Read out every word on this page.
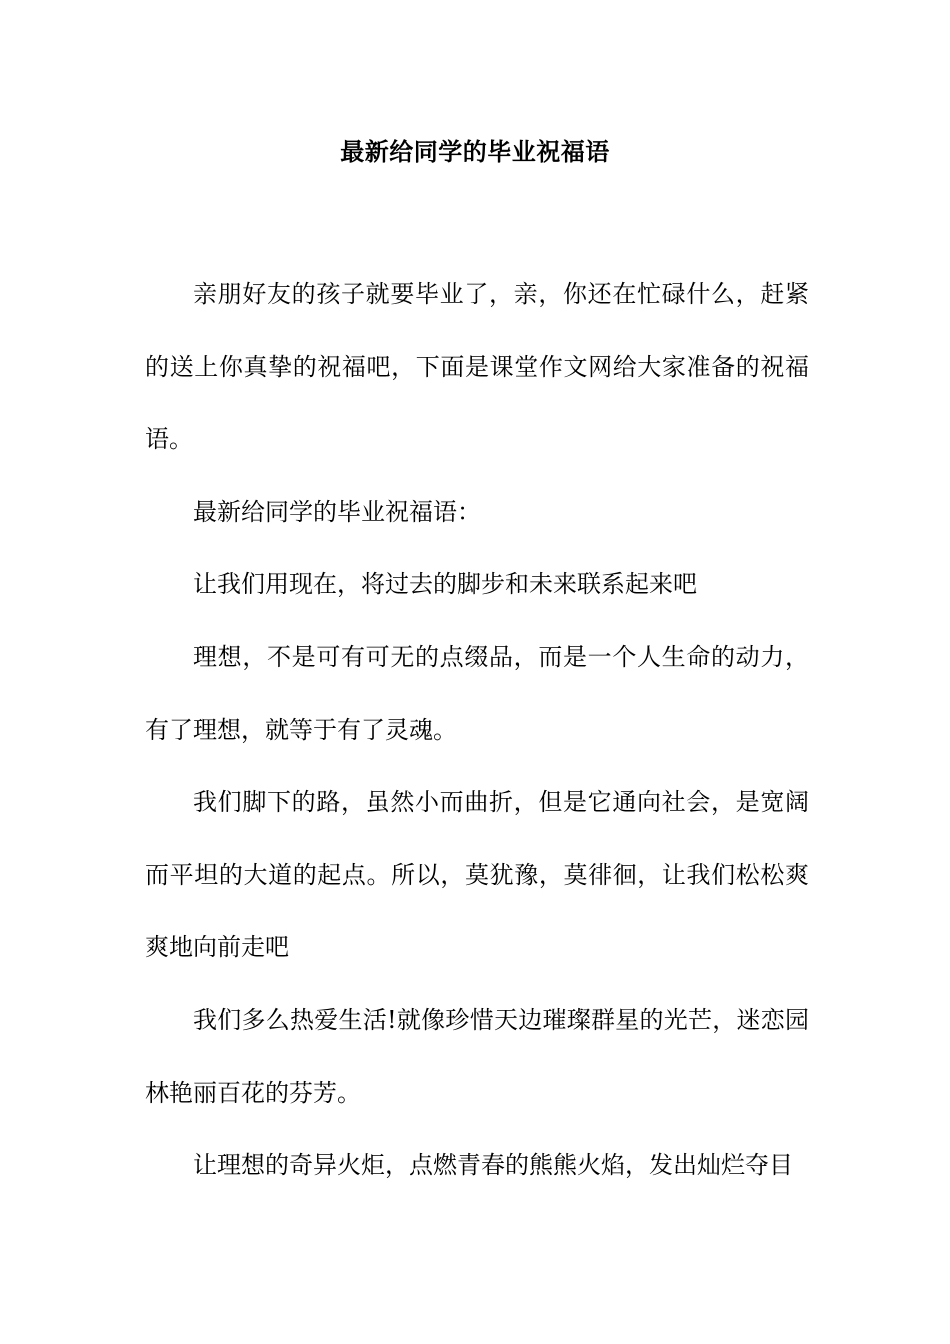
最新给同学的毕业祝福语

亲朋好友的孩子就要毕业了，亲，你还在忙碌什么，赶紧的送上你真挚的祝福吧，下面是课堂作文网给大家准备的祝福语。

最新给同学的毕业祝福语：

让我们用现在，将过去的脚步和未来联系起来吧

理想，不是可有可无的点缀品，而是一个人生命的动力，有了理想，就等于有了灵魂。

我们脚下的路，虽然小而曲折，但是它通向社会，是宽阔而平坦的大道的起点。所以，莫犹豫，莫徘徊，让我们松松爽爽地向前走吧

我们多么热爱生活!就像珍惜天边璀璨群星的光芒，迷恋园林艳丽百花的芬芳。

让理想的奇异火炬，点燃青春的熊熊火焰，发出灿烂夺目
